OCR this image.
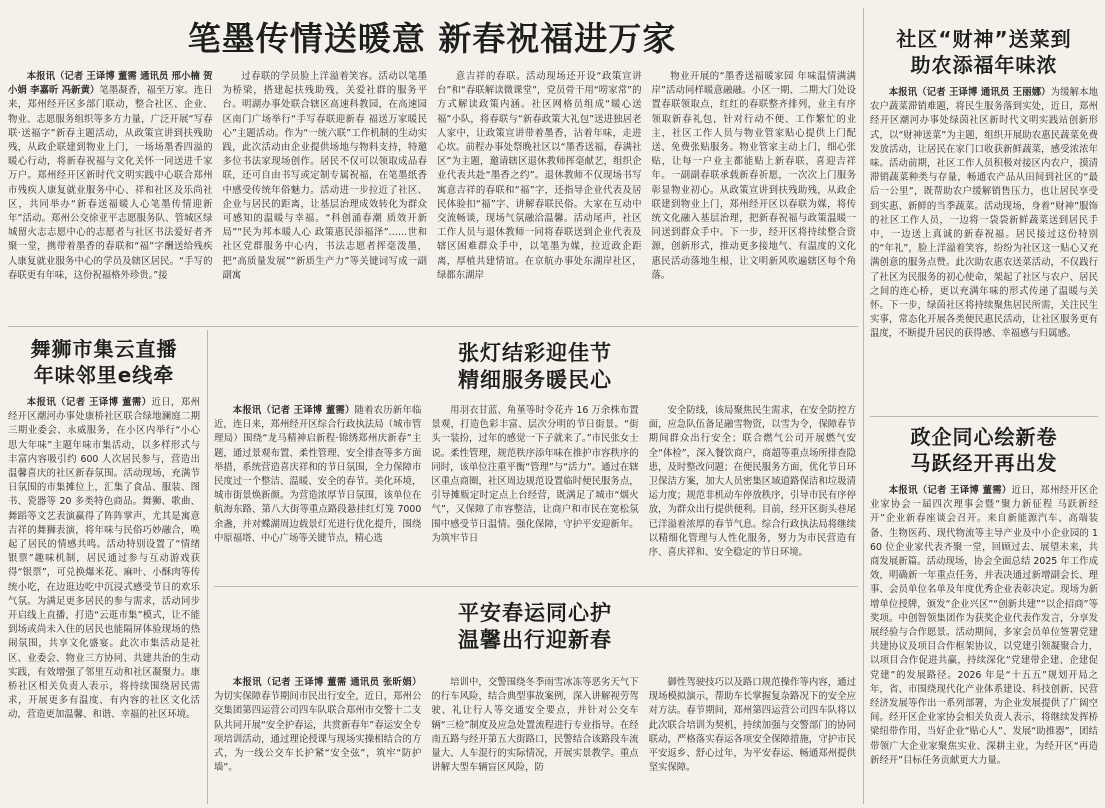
笔墨传情送暖意 新春祝福进万家
本报讯（记者 王译博 董需 通讯员 邢小楠 贺小娟 李嘉昕 冯新黄）笔墨凝香，福至万家。连日来，郑州经开区多部门联动，整合社区、企业、物业、志愿服务组织等多方力量，广泛开展“写春联·送福字”新春主题活动，从政策宣讲到扶残助残，从政企联建到物业上门，一场场墨香四溢的暖心行动，将新春祝福与文化关怀一同送进千家万户。郑州经开区新时代文明实践中心联合郑州市残疾人康复就业服务中心、祥和社区及乐尚社区，共同举办“新春送福暖人心笔墨传情迎新年”活动。郑州公交徐亚平志愿服务队、管城区绿城留火志志愿中心的志愿者与社区书法爱好者齐聚一堂，携带着墨香的春联和“福”字酬送给残疾人康复就业服务中心的学员及辖区居民。“手写的春联更有年味，这份祝福格外珍贵。”接
过春联的学员脸上洋溢着笑容。活动以笔墨为桥梁，搭建起扶残助残，关爱社群的服务平台。明湖办事处联合辖区高速科教园，在高速园区南门广场举行“手写春联迎新春 福送万家暖民心”主题活动。作为“一统六联”工作机制的生动实践，此次活动由企业提供场地与物料支持，特邀多位书法家现场创作。居民不仅可以领取成品春联，还可自由书写或定制专属祝福，在笔墨纸香中感受传统年俗魅力。活动进一步拉近了社区、企业与居民的距离，让基层治理成效转化为群众可感知的温暖与幸福。“科创涌春潮 质效开新局”“民为邦本暖人心 政策惠民添福泽”……世和社区党群服务中心内，书法志愿者挥毫泼墨，把“高质量发展”“新质生产力”等关键词写成一副副寓
意吉祥的春联。活动现场还开设“政策宣讲台”和“春联解读微课堂”，党员骨干用“唠家常”的方式解读政策内涵。社区网格员组成“暖心送福”小队，将春联与“新春政策大礼包”送进独居老人家中，让政策宣讲带着墨香，沾着年味，走进心坎。前程办事处祭晚社区以“墨香送福，春满社区”为主题，邀请辖区退休教师挥毫献艺，组织企业代表共赴“墨香之约”。退休教师不仅现场书写寓意吉祥的春联和“福”字，还指导企业代表及居民体验扣“福”字、讲解春联民俗。大家在互动中交流畅谈，现场气氛融洽温馨。活动尾声，社区工作人员与退休教师一同将春联送到企业代表及辖区困难群众手中，以笔墨为媒，拉近政企距离，厚植共建情谊。在京航办事处东湖岸社区，绿都东湖岸
物业开展的“墨香送福暖家园 年味温情满满岸”活动同样暖意融融。小区一期、二期大门处设置春联领取点，红红的春联整齐排列，业主有序领取新春礼包，针对行动不便、工作繁忙的业主，社区工作人员与物业管家贴心提供上门配送、免费张贴服务。物业管家主动上门，细心张贴，让每一户业主都能贴上新春联，喜迎吉祥年。一副副春联承载新春祈愿，一次次上门服务彰显物业初心。从政策宣讲到扶残助残，从政企联建到物业上门，郑州经开区以春联为媒，将传统文化融入基层治理，把新春祝福与政策温暖一同送到群众手中。下一步，经开区将持续整合资源，创新形式，推动更多接地气、有温度的文化惠民活动落地生根，让文明新风吹遍辖区每个角落。
社区“财神”送菜到
助农添福年味浓
本报讯（记者 王译博 通讯员 王丽娜）为缓解本地农户蔬菜滞销难题，将民生服务落到实处，近日，郑州经开区潮河办事处绿茵社区新时代文明实践站创新形式，以“财神送菜”为主题，组织开展助农惠民蔬菜免费发放活动，让居民在家门口收获新鲜蔬菜，感受浓浓年味。活动前期，社区工作人员积极对接区内农户，摸清滞销蔬菜种类与存量，畅通农产品从田间到社区的“最后一公里”，既帮助农户缓解销售压力，也让居民享受到实惠、新鲜的当季蔬菜。活动现场，身着“财神”服饰的社区工作人员，一边将一袋袋新鲜蔬菜送到居民手中，一边送上真诚的新春祝福。居民接过这份特别的“年礼”，脸上洋溢着笑容，纷纷为社区这一贴心又充满创意的服务点赞。此次助农惠农送菜活动，不仅践行了社区为民服务的初心使命，架起了社区与农户、居民之间的连心桥，更以充满年味的形式传递了温暖与关怀。下一步，绿茵社区将持续聚焦居民所需，关注民生实事，常态化开展各类便民惠民活动，让社区服务更有温度，不断提升居民的获得感、幸福感与归属感。
舞狮市集云直播
年味邻里e线牵
本报讯（记者 王译博 董需）近日，郑州经开区潮河办事处康桥社区联合绿地澜庭二期三期业委会、永威服务，在小区内举行“小心思大年味”主题年味市集活动，以多样形式与丰富内容吸引约 600 人次居民参与，营造出温馨喜庆的社区新春氛围。活动现场，充满节日氛围的市集摊位上，汇集了食品、服装、图书、瓷器等 20 多类特色商品。舞狮、歌曲、舞蹈等文艺表演赢得了阵阵掌声，尤其是寓意吉祥的舞狮表演，将年味与民俗巧妙融合，唤起了居民的情感共鸣。活动特别设置了“情绪银票”趣味机制，居民通过参与互动游戏获得“银票”，可兑换爆米花、麻叶、小酥肉等传统小吃，在边逛边吃中沉浸式感受节日的欢乐气氛。为满足更多居民的参与需求，活动同步开启线上直播，打造“云逛市集”模式，让不能到场或尚未入住的居民也能隔屏体验现场的热闹氛围，共享文化盛宴。此次市集活动是社区、业委会、物业三方协同、共建共治的生动实践，有效增强了邻里互动和社区凝聚力。康桥社区相关负责人表示，将持续围绕居民需求，开展更多有温度、有内容的社区文化活动，营造更加温馨、和谐、幸福的社区环境。
张灯结彩迎佳节
精细服务暖民心
本报讯（记者 王译博 董需）随着农历新年临近，连日来，郑州经开区综合行政执法局（城市管理局）围绕“龙马精神启新程·锦绣郑州庆新春”主题，通过景观布置、柔性管理、安全排查等多方面举措，系统营造喜庆祥和的节日氛围，全力保障市民度过一个整洁、温暖、安全的春节。美化环境，城市街景焕新颜。为营造浓厚节日氛围，该单位在航海东路、第八大街等重点路段悬挂红灯笼 7000 余盏，并对蝶湖周边载景灯光进行优化提升，围绕中原福塔、中心广场等关键节点，精心选
用羽衣甘蓝、角堇等时令花卉 16 万余株布置景观，打造色彩丰富、层次分明的节日街景。“街头一装扮，过年的感觉一下子就来了。”市民张女士说。柔性管理，规范秩序添年味在推护市容秩序的同时，该单位注重平衡“管理”与“活力”。通过在辖区重点商圈，社区周边规范设置临时便民服务点，引导摊贩定时定点上台经营，既满足了城市“烟火气”，又保障了市容整洁，让商户和市民在宽松氛围中感受节日温情。强化保障，守护平安迎新年。为筑牢节日
安全防线，该局聚焦民生需求，在安全防控方面，应急队伍备足融雪物资，以雪为令，保障春节期间群众出行安全；联合燃气公司开展燃气安全“体检”，深入餐饮商户，商超等重点场所排查隐患，及时整改问题；在便民服务方面，优化节日环卫保洁方案，加大人员密集区域道路保洁和垃圾清运力度；规范非机动车停放秩序，引导市民有序停放，为群众出行提供便利。目前，经开区街头巷尾已洋溢着浓厚的春节气息。综合行政执法局将继续以精细化管理与人性化服务，努力为市民营造有序、喜庆祥和、安全稳定的节日环境。
政企同心绘新卷
马跃经开再出发
本报讯（记者 王译博 董需）近日，郑州经开区企业家协会一届四次理事会暨“聚力新征程 马跃新经开”企业新春座谈会召开。来自新能源汽车、高端装备、生物医药、现代物流等主导产业及中小企业园的 160 位企业家代表齐聚一堂，回顾过去、展望未来，共商发展新篇。活动现场，协会全面总结 2025 年工作成效，明确新一年重点任务，并表决通过新增副会长、理事、会员单位名单及年度优秀企业表彰决定。现场为新增单位授牌，颁发“企业兴区”“创新共建”“以企招商”等奖项。中创智领集团作为获奖企业代表作发言，分享发展经验与合作愿景。活动期间，多家会员单位签署党建共建协议及项目合作框架协议，以党建引领凝聚合力，以项目合作促进共赢，持续深化“党建带企建、企建促党建”的发展路径。2026 年是“十五五”规划开局之年，省、市围绕现代化产业体系建设、科技创新、民营经济发展等作出一系列部署，为企业发展提供了广阔空间。经开区企业家协会相关负责人表示，将继续发挥桥梁纽带作用，当好企业“贴心人”、发展“助推器”，团结带领广大企业家聚焦实业、深耕主业，为经开区“再造新经开”目标任务贡献更大力量。
平安春运同心护
温馨出行迎新春
本报讯（记者 王译博 董需 通讯员 张昕娟）为切实保障春节期间市民出行安全，近日，郑州公交集团第四运营公司四车队联合郑州市交警十二支队共同开展“安全护春运，共赏新春年”春运安全专项培训活动，通过理论授课与现场实操相结合的方式，为一线公交车长护紧“安全弦”，筑牢“防护墙”。
培训中，交警围绕冬季雨雪冰冻等恶劣天气下的行车风险，结合典型事故案例，深入讲解视劳驾驶、礼让行人等交通安全要点，并针对公交车辆“三检”制度及应急处置流程进行专业指导。在经南五路与经开第五大街路口，民警结合该路段车流量大、人车混行的实际情况，开展实景教学。重点讲解大型车辆盲区风险，防
御性驾驶技巧以及路口规范操作等内容，通过现场模拟演示，帮助车长掌握复杂路况下的安全应对方法。春节期间，郑州第四运营公司四车队将以此次联合培训为契机，持续加强与交警部门的协同联动，严格落实春运各项安全保障措施，守护市民平安返乡、舒心过年，为平安春运、畅通郑州提供坚实保障。
